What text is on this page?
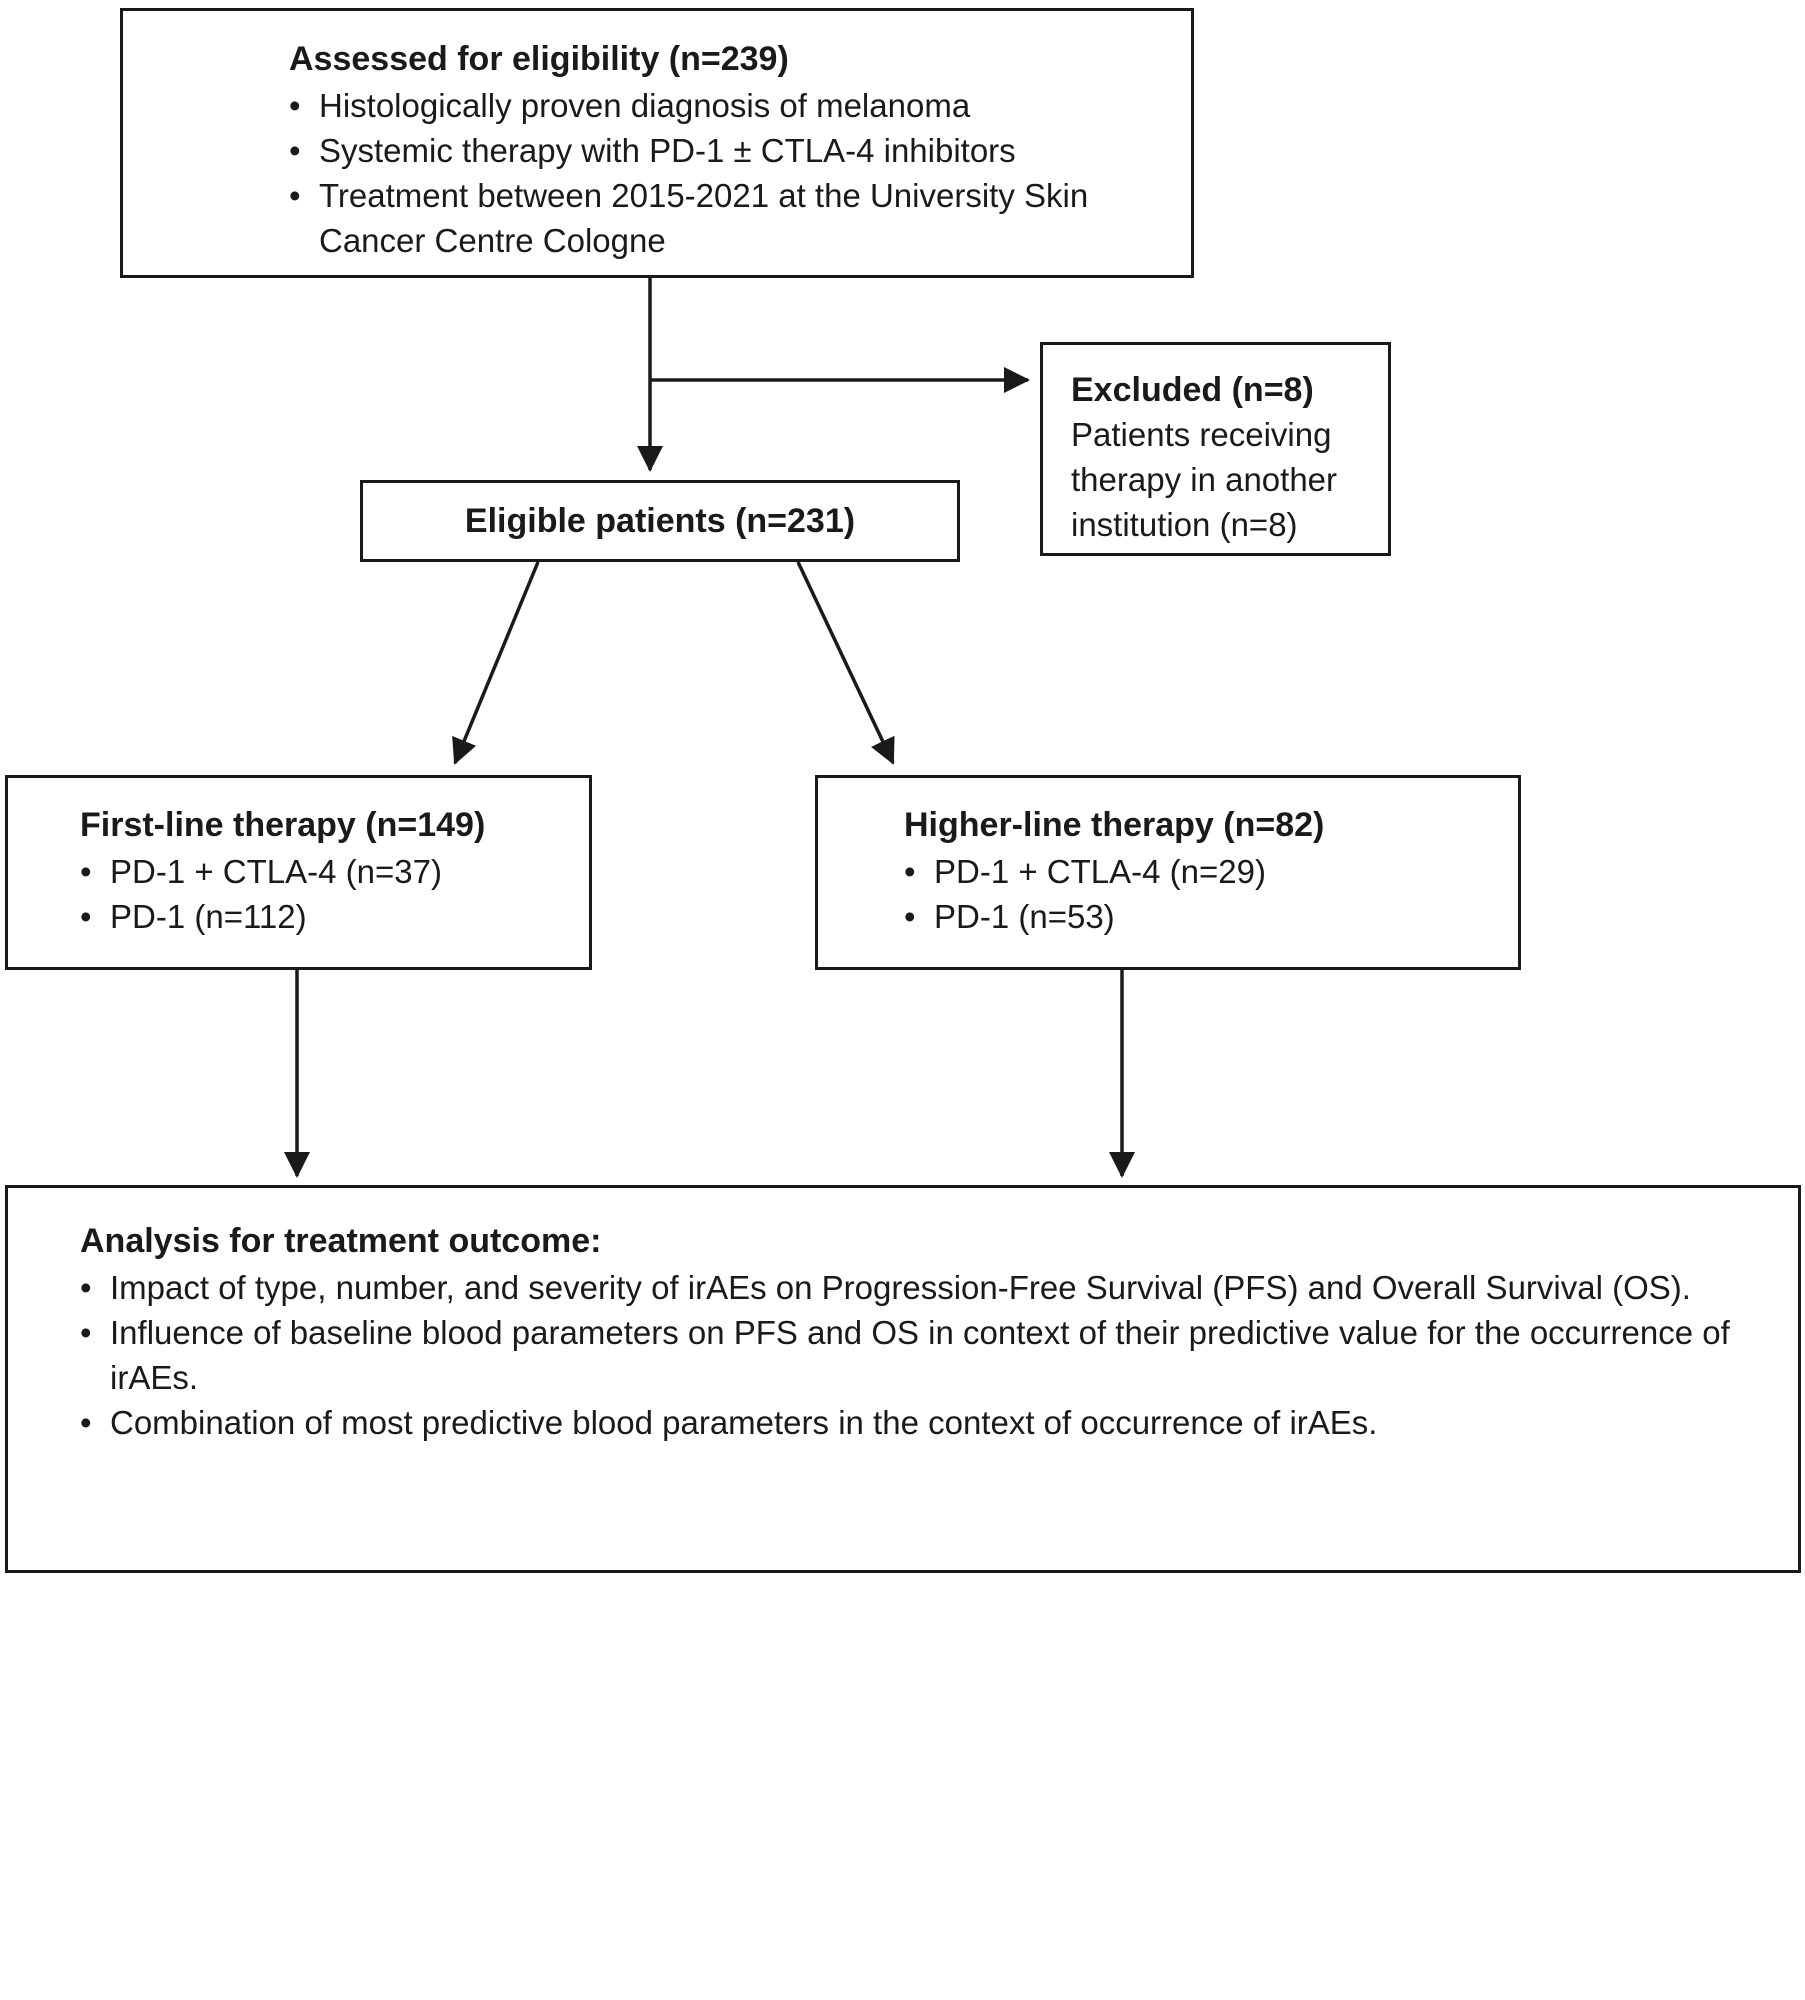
Assessed for eligibility (n=239)
• Histologically proven diagnosis of melanoma
• Systemic therapy with PD-1 ± CTLA-4 inhibitors
• Treatment between 2015-2021 at the University Skin Cancer Centre Cologne
Excluded (n=8)
Patients receiving therapy in another institution (n=8)
Eligible patients (n=231)
First-line therapy (n=149)
• PD-1 + CTLA-4 (n=37)
• PD-1 (n=112)
Higher-line therapy (n=82)
• PD-1 + CTLA-4 (n=29)
• PD-1 (n=53)
Analysis for treatment outcome:
• Impact of type, number, and severity of irAEs on Progression-Free Survival (PFS) and Overall Survival (OS).
• Influence of baseline blood parameters on PFS and OS in context of their predictive value for the occurrence of irAEs.
• Combination of most predictive blood parameters in the context of occurrence of irAEs.
